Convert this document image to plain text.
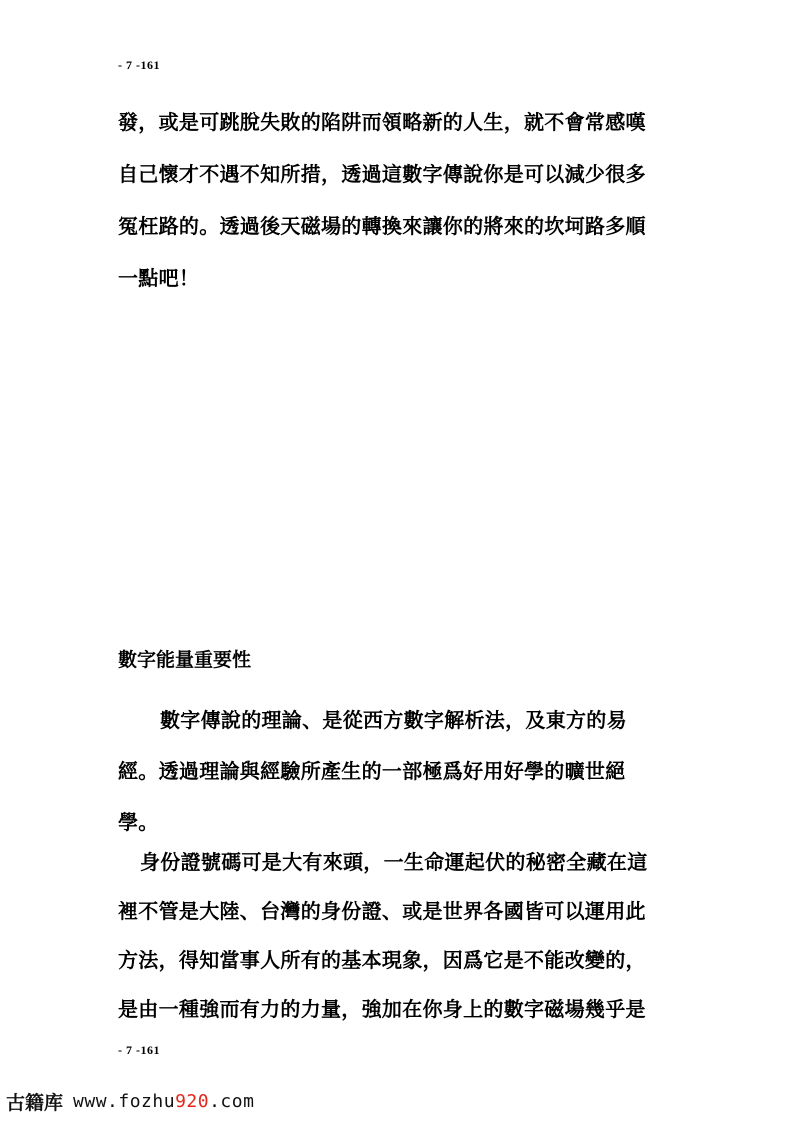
- 7 -161
發，或是可跳脫失敗的陷阱而領略新的人生，就不會常感嘆
自己懷才不遇不知所措，透過這數字傳說你是可以減少很多
冤枉路的。透過後天磁場的轉換來讓你的將來的坎坷路多順
一點吧！
數字能量重要性
數字傳說的理論、是從西方數字解析法，及東方的易
經。透過理論與經驗所產生的一部極爲好用好學的曠世絕
學。
身份證號碼可是大有來頭，一生命運起伏的秘密全藏在這
裡不管是大陸、台灣的身份證、或是世界各國皆可以運用此
方法，得知當事人所有的基本現象，因爲它是不能改變的，
是由一種強而有力的力量，強加在你身上的數字磁場幾乎是
- 7 -161
古籍库 www.fozhu920.com
